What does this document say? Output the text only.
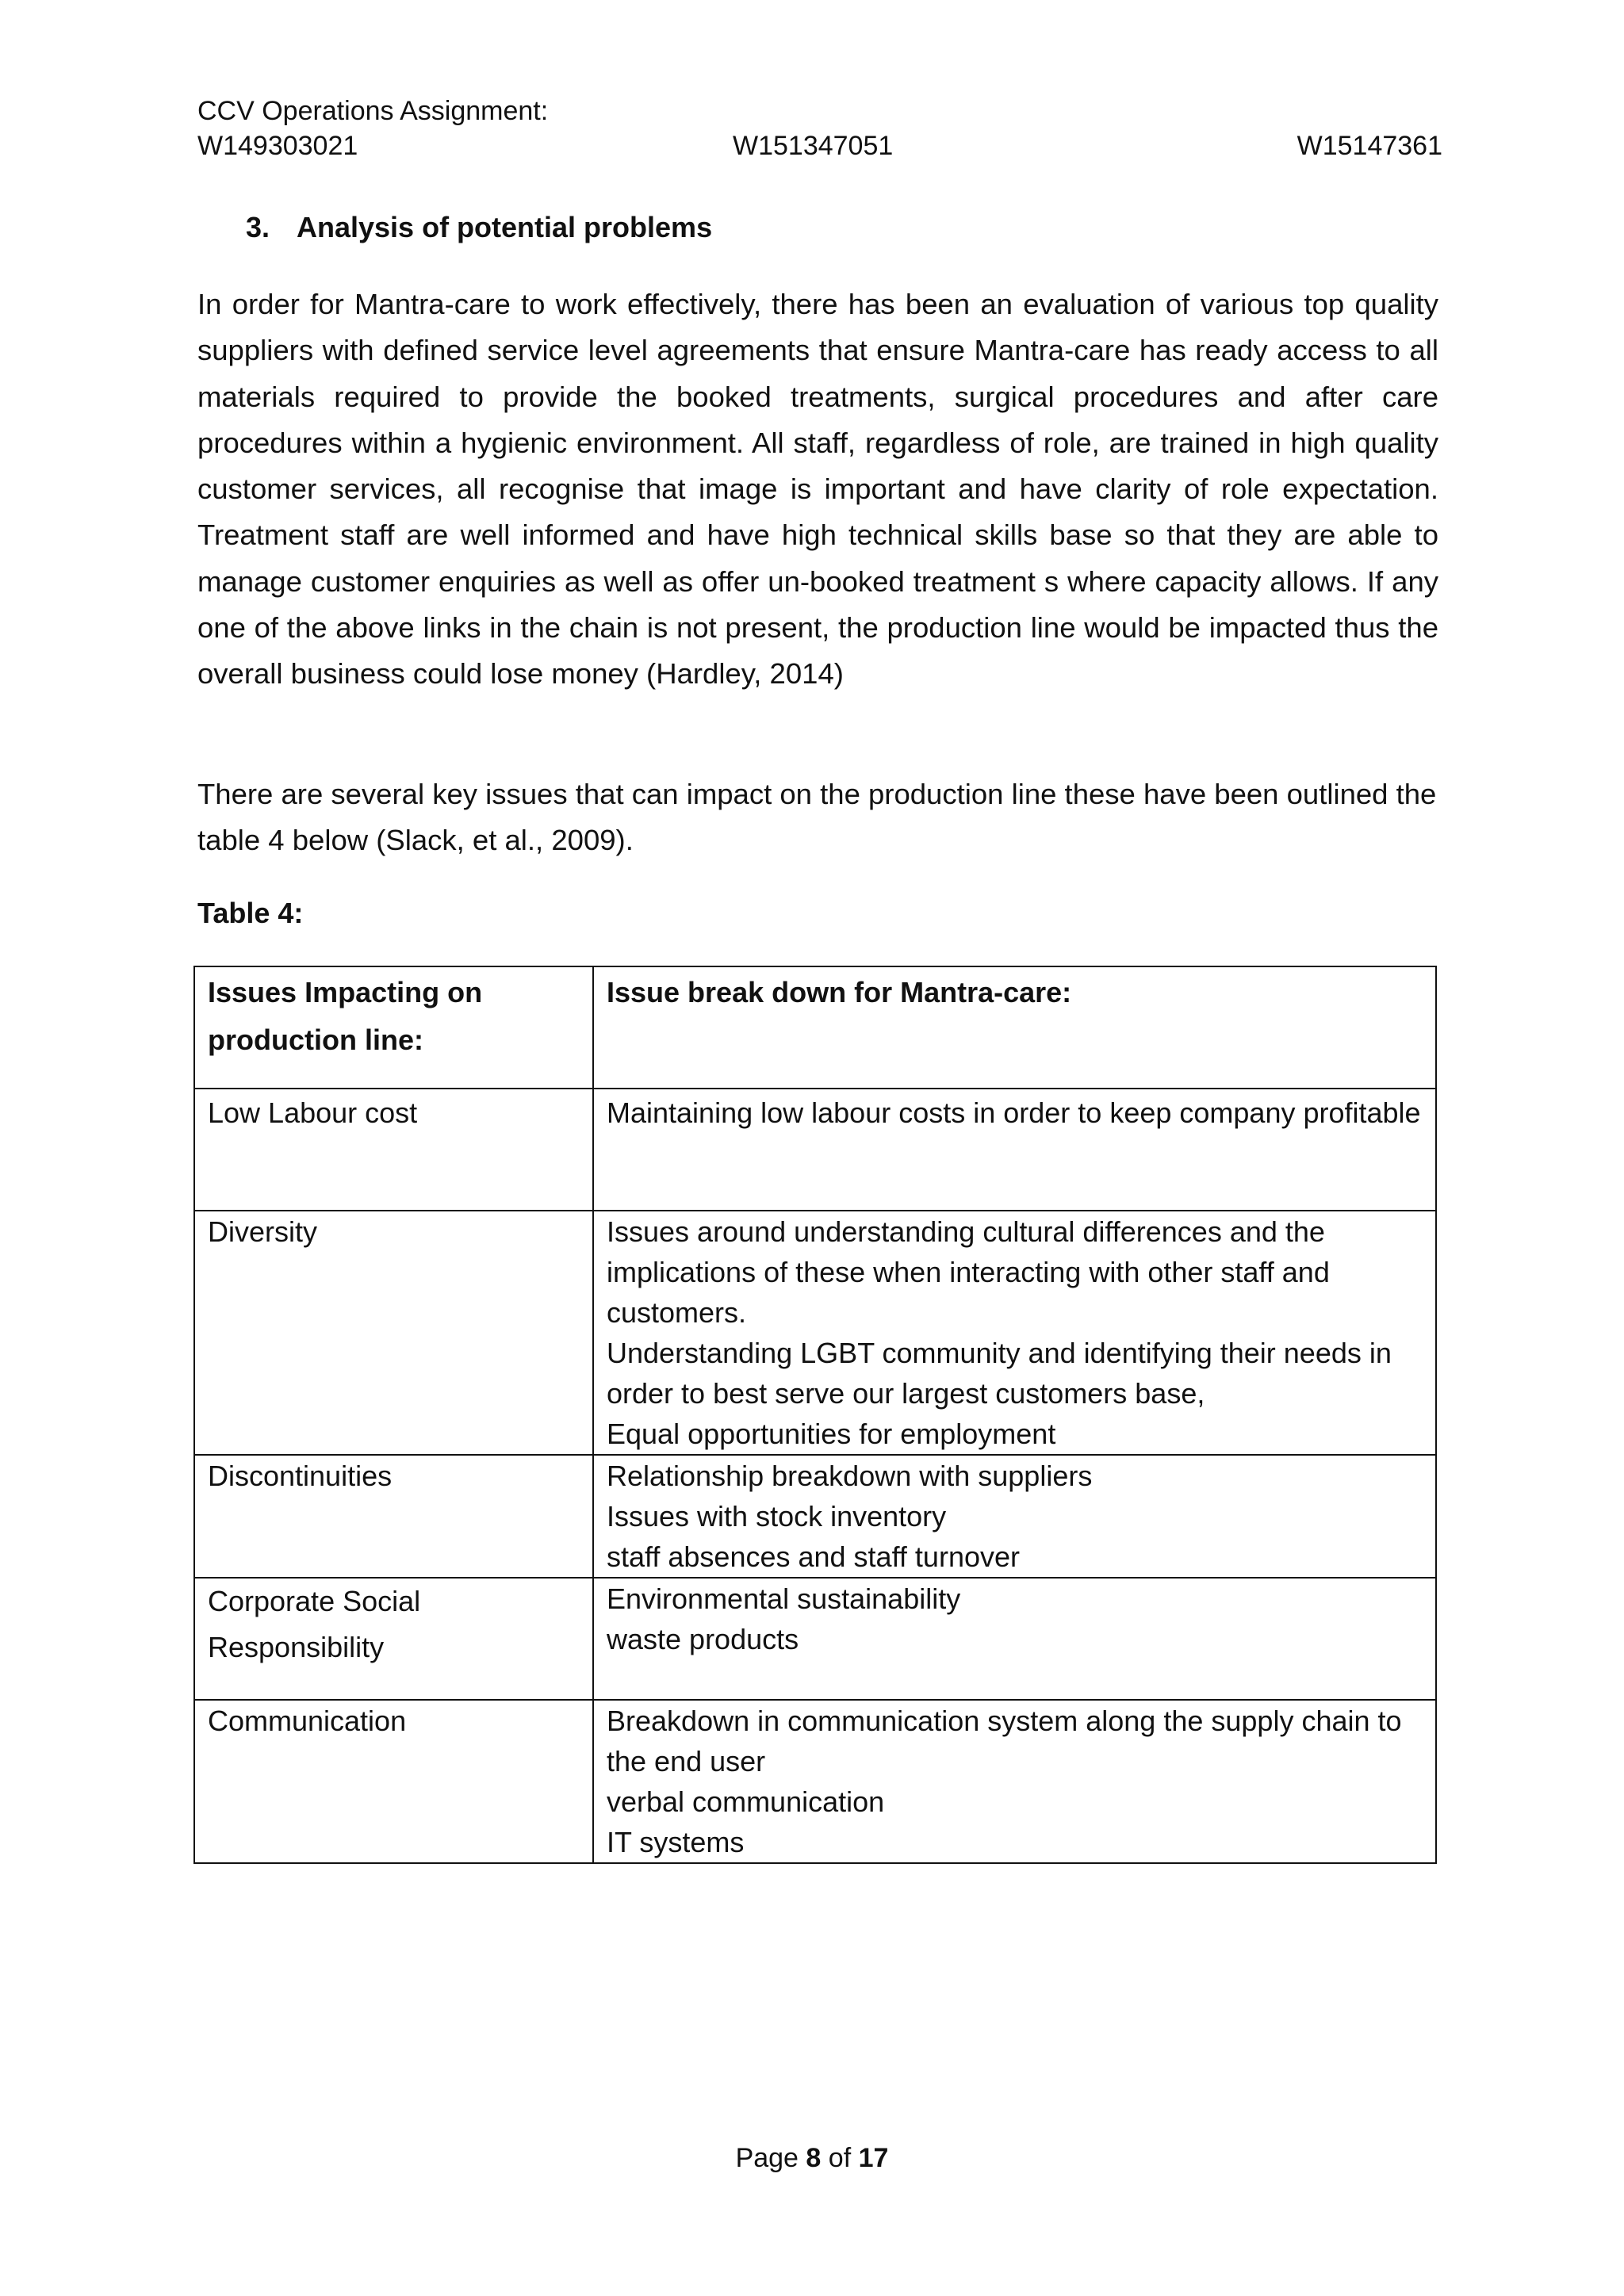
CCV Operations Assignment:
W149303021	W151347051	W15147361
3. Analysis of potential problems

In order for Mantra-care to work effectively, there has been an evaluation of various top quality suppliers with defined service level agreements that ensure Mantra-care has ready access to all materials required to provide the booked treatments, surgical procedures and after care procedures within a hygienic environment. All staff, regardless of role, are trained in high quality customer services, all recognise that image is important and have clarity of role expectation. Treatment staff are well informed and have high technical skills base so that they are able to manage customer enquiries as well as offer un-booked treatment s where capacity allows. If any one of the above links in the chain is not present, the production line would be impacted thus the overall business could lose money (Hardley, 2014)

There are several key issues that can impact on the production line these have been outlined the table 4 below (Slack, et al., 2009).

Table 4:
Issues Impacting on production line:	Issue break down for Mantra-care:
Low Labour cost	Maintaining low labour costs in order to keep company profitable

Diversity	Issues around understanding cultural differences and the implications of these when interacting with other staff and customers.
Understanding LGBT community and identifying their needs in order to best serve our largest customers base,
Equal opportunities for employment

Discontinuities	Relationship breakdown with suppliers
Issues with stock inventory
staff absences and staff turnover

Corporate Social Responsibility	Environmental sustainability
waste products

Communication	Breakdown in communication system along the supply chain to the end user
verbal communication
IT systems
Page 8 of 17
